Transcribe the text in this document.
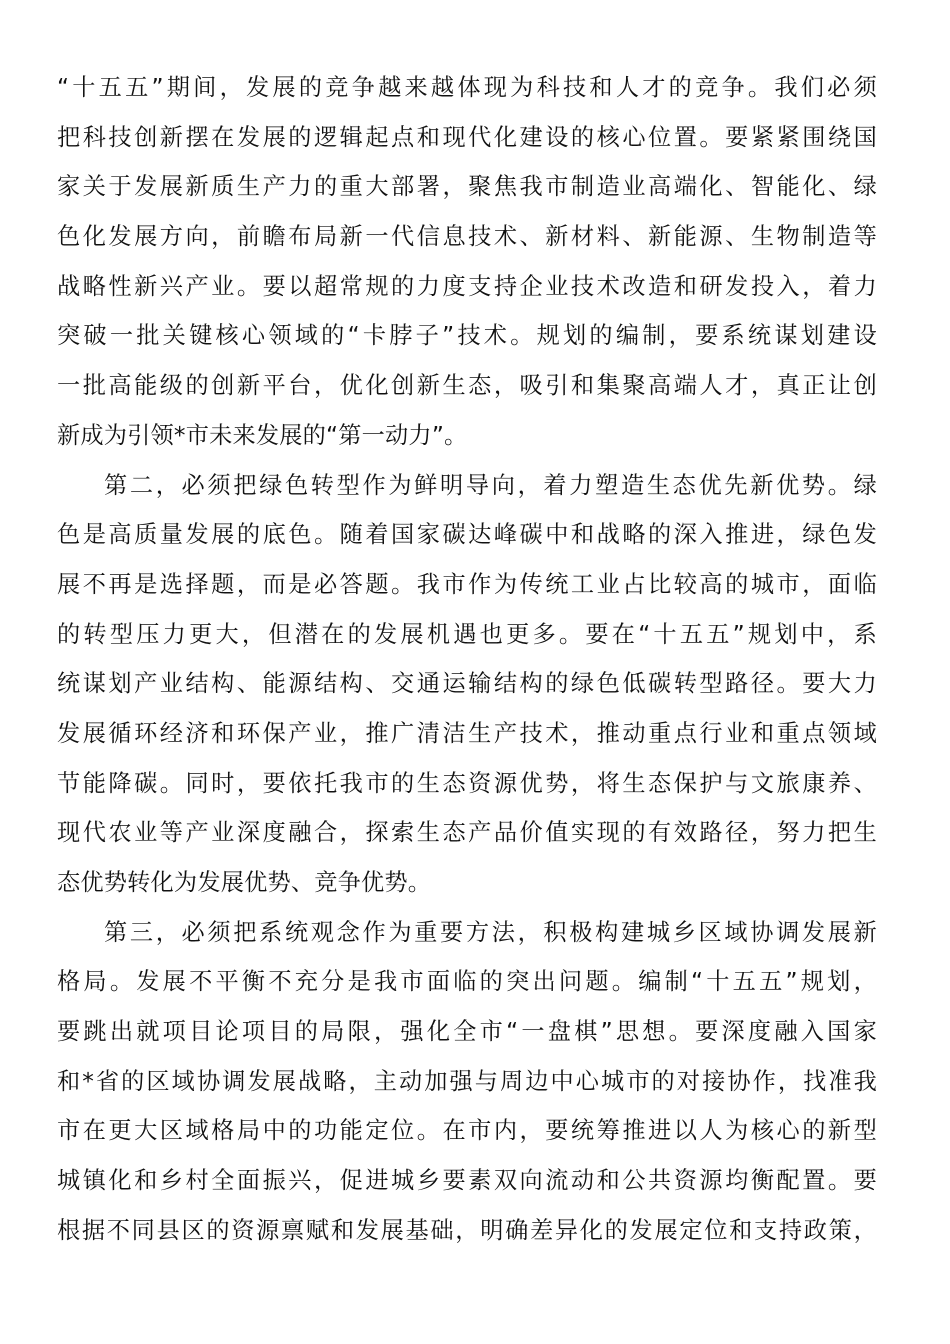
“十五五”期间，发展的竞争越来越体现为科技和人才的竞争。我们必须
把科技创新摆在发展的逻辑起点和现代化建设的核心位置。要紧紧围绕国
家关于发展新质生产力的重大部署，聚焦我市制造业高端化、智能化、绿
色化发展方向，前瞻布局新一代信息技术、新材料、新能源、生物制造等
战略性新兴产业。要以超常规的力度支持企业技术改造和研发投入，着力
突破一批关键核心领域的“卡脖子”技术。规划的编制，要系统谋划建设
一批高能级的创新平台，优化创新生态，吸引和集聚高端人才，真正让创
新成为引领*市未来发展的“第一动力”。
第二，必须把绿色转型作为鲜明导向，着力塑造生态优先新优势。绿
色是高质量发展的底色。随着国家碳达峰碳中和战略的深入推进，绿色发
展不再是选择题，而是必答题。我市作为传统工业占比较高的城市，面临
的转型压力更大，但潜在的发展机遇也更多。要在“十五五”规划中，系
统谋划产业结构、能源结构、交通运输结构的绿色低碳转型路径。要大力
发展循环经济和环保产业，推广清洁生产技术，推动重点行业和重点领域
节能降碳。同时，要依托我市的生态资源优势，将生态保护与文旅康养、
现代农业等产业深度融合，探索生态产品价值实现的有效路径，努力把生
态优势转化为发展优势、竞争优势。
第三，必须把系统观念作为重要方法，积极构建城乡区域协调发展新
格局。发展不平衡不充分是我市面临的突出问题。编制“十五五”规划，
要跳出就项目论项目的局限，强化全市“一盘棋”思想。要深度融入国家
和*省的区域协调发展战略，主动加强与周边中心城市的对接协作，找准我
市在更大区域格局中的功能定位。在市内，要统筹推进以人为核心的新型
城镇化和乡村全面振兴，促进城乡要素双向流动和公共资源均衡配置。要
根据不同县区的资源禀赋和发展基础，明确差异化的发展定位和支持政策，
